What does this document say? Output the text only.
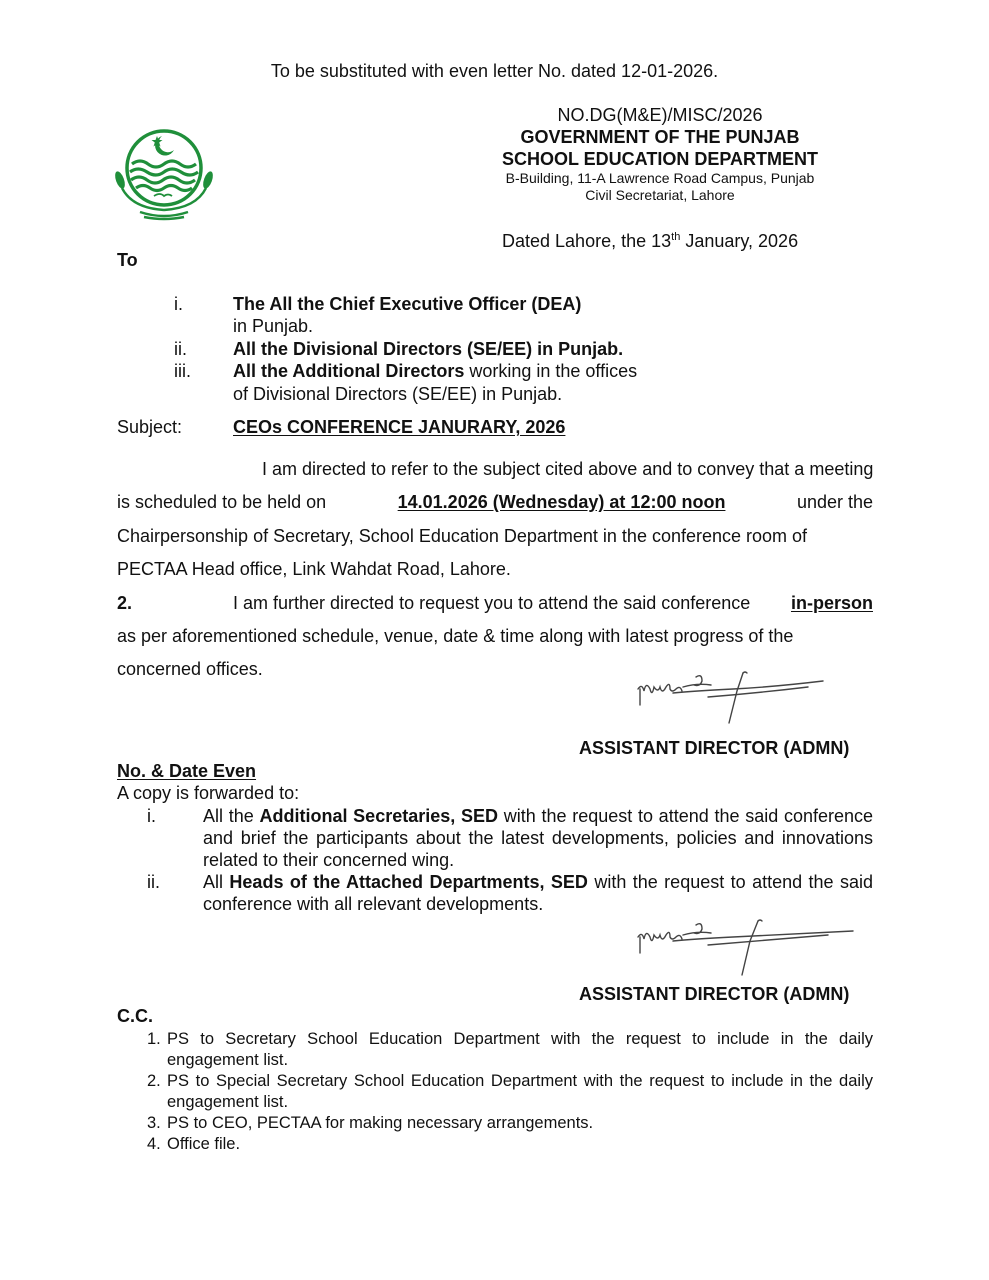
To be substituted with even letter No. dated 12-01-2026.
NO.DG(M&E)/MISC/2026
GOVERNMENT OF THE PUNJAB
SCHOOL EDUCATION DEPARTMENT
B-Building, 11-A Lawrence Road Campus, Punjab
Civil Secretariat, Lahore
Dated Lahore, the 13th January, 2026
To
i.	The All the Chief Executive Officer (DEA)
in Punjab.
ii.	All the Divisional Directors (SE/EE) in Punjab.
iii. All the Additional Directors working in the offices
of Divisional Directors (SE/EE) in Punjab.
Subject:	CEOs CONFERENCE JANURARY, 2026
I am directed to refer to the subject cited above and to convey that a meeting
is scheduled to be held on	14.01.2026 (Wednesday) at 12:00 noon	under the
Chairpersonship of Secretary, School Education Department in the conference room of
PECTAA Head office, Link Wahdat Road, Lahore.
2.	I am further directed to request you to attend the said conference in-person
as per aforementioned schedule, venue, date & time along with latest progress of the
concerned offices.
ASSISTANT DIRECTOR (ADMN)
No. & Date Even
A copy is forwarded to:
i.	All the Additional Secretaries, SED with the request to attend the said conference and brief the participants about the latest developments, policies and innovations related to their concerned wing.
ii. All Heads of the Attached Departments, SED with the request to attend the said conference with all relevant developments.
ASSISTANT DIRECTOR (ADMN)
C.C.
1. PS to Secretary School Education Department with the request to include in the daily engagement list.
2. PS to Special Secretary School Education Department with the request to include in the daily engagement list.
3. PS to CEO, PECTAA for making necessary arrangements.
4. Office file.
